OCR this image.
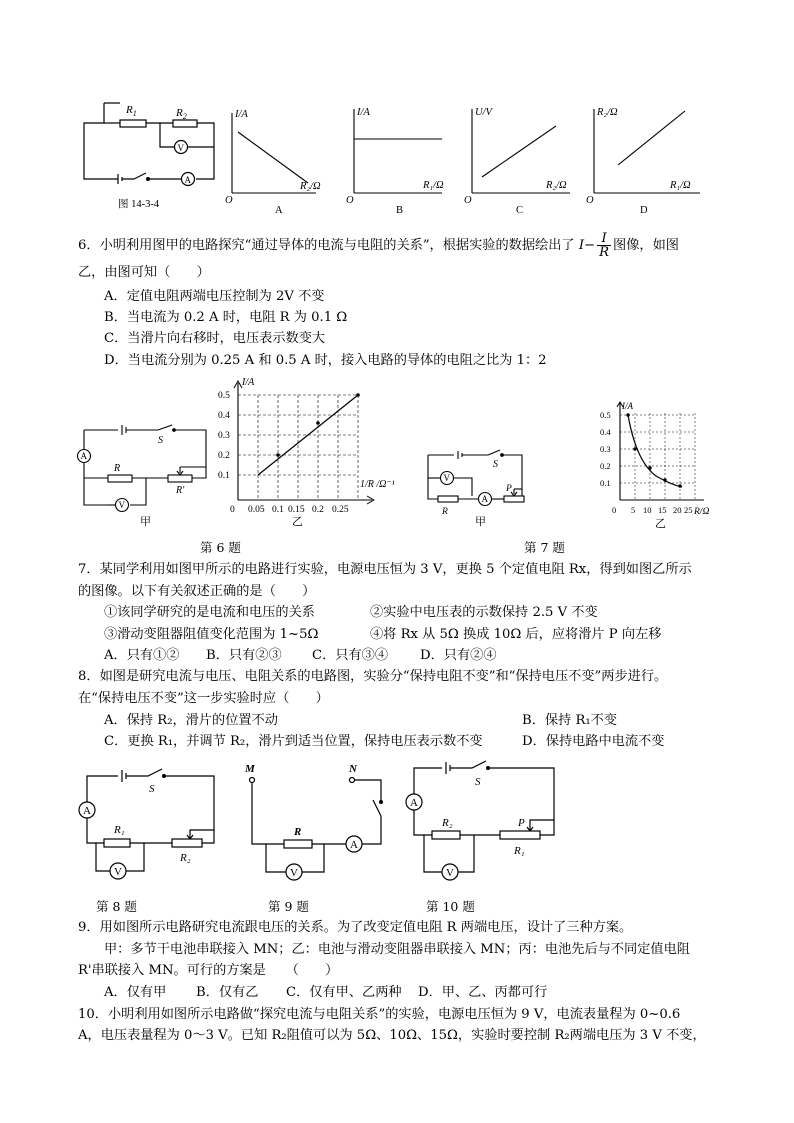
$R_1$	$R_2$
V
A
图 14-3-4
I/A
R₂/Ω
O
A
I/A
R₁/Ω
O
B
U/V
R₂/Ω
O
C
R₂/Ω
R₁/Ω
O
D
6．小明利用图甲的电路探究“通过导体的电流与电阻的关系”，根据实验的数据绘出了 $I- \frac{I}{R}$ 图像，如图
乙，由图可知（　　）
A．定值电阻两端电压控制为 2V 不变
B．当电流为 0.2 A 时，电阻 R 为 0.1 Ω
C．当滑片向右移时，电压表示数变大
D．当电流分别为 0.25 A 和 0.5 A 时，接入电路的导体的电阻之比为 1：2
A
V
S
R
R'
甲
I/A
1/R /Ω⁻¹
0.1
0.2
0.3
0.4
0.5
0 0.05 0.1 0.15 0.2 0.25
乙
V
A
S
R
P
甲
I/A
R/Ω
0.1
0.2
0.3
0.4
0.5
0 5 10 15 20 25
乙
第 6 题	第 7 题
7．某同学利用如图甲所示的电路进行实验，电源电压恒为 3 V，更换 5 个定值电阻 Rx，得到如图乙所示
的图像。以下有关叙述正确的是（　　）
①该同学研究的是电流和电压的关系	②实验中电压表的示数保持 2.5 V 不变
③滑动变阻器阻值变化范围为 1~5Ω	④将 Rx 从 5Ω 换成 10Ω 后，应将滑片 P 向左移
A．只有①② B．只有②③ C．只有③④ D．只有②④
8．如图是研究电流与电压、电阻关系的电路图，实验分“保持电阻不变”和“保持电压不变”两步进行。
在“保持电压不变”这一步实验时应（　　）
A．保持 R₂，滑片的位置不动	B．保持 R₁不变
C．更换 R₁，并调节 R₂，滑片到适当位置，保持电压表示数不变	D．保持电路中电流不变
A
V
S
R₁
R₂
M	N
R
A
V
A
V
S
R₂	P
R₁
第 8 题	第 9 题	第 10 题
9．用如图所示电路研究电流跟电压的关系。为了改变定值电阻 R 两端电压，设计了三种方案。
甲：多节干电池串联接入 MN；乙：电池与滑动变阻器串联接入 MN；丙：电池先后与不同定值电阻
R'串联接入 MN。可行的方案是　　（　　）
A．仅有甲 B．仅有乙 C．仅有甲、乙两种 D．甲、乙、丙都可行
10．小明利用如图所示电路做“探究电流与电阻关系”的实验，电源电压恒为 9 V，电流表量程为 0~0.6
A，电压表量程为 0～3 V。已知 R₂阻值可以为 5Ω、10Ω、15Ω，实验时要控制 R₂两端电压为 3 V 不变，
